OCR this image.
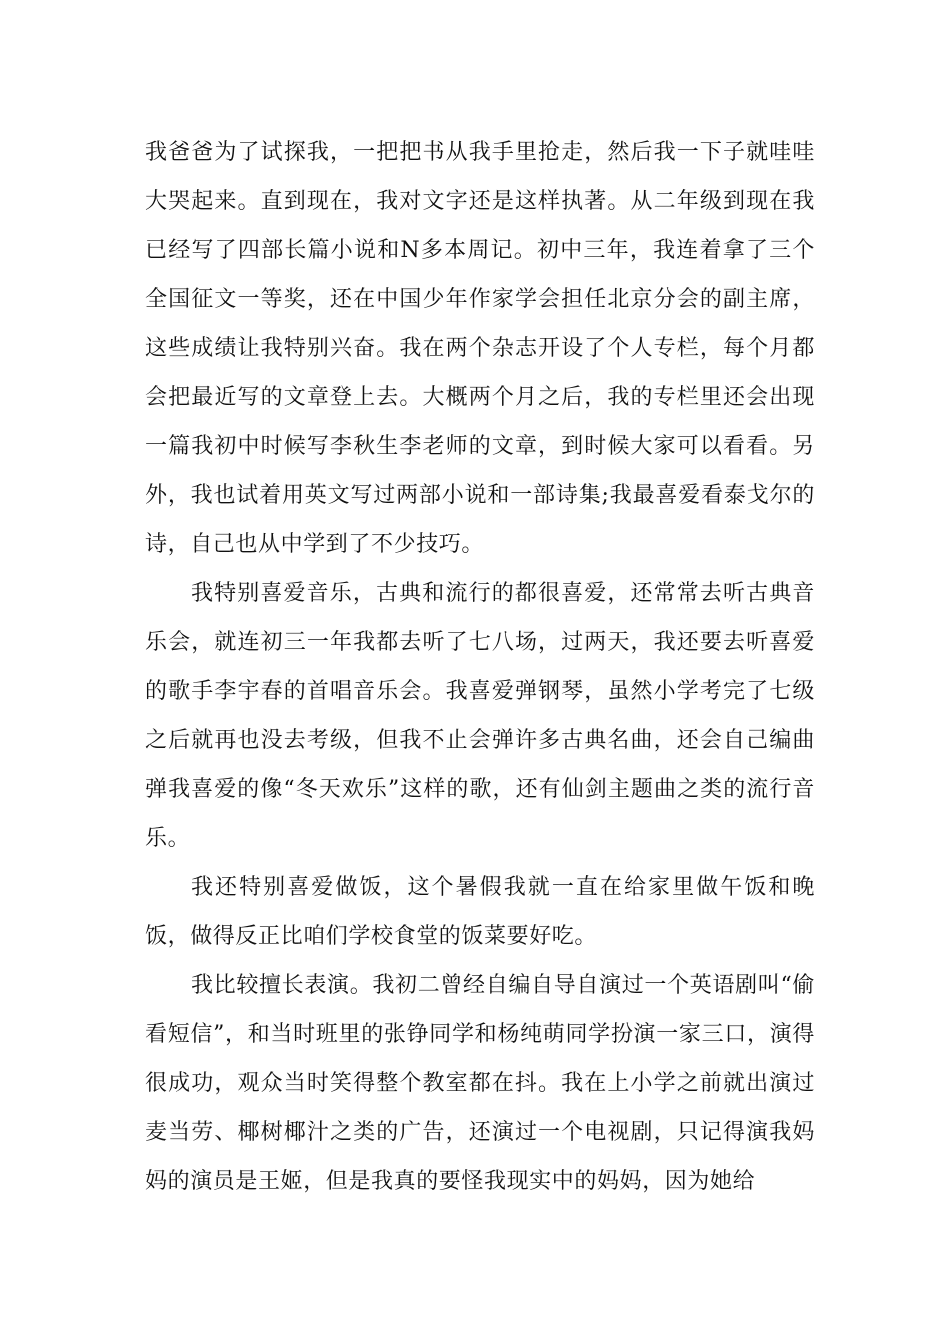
我爸爸为了试探我，一把把书从我手里抢走，然后我一下子就哇哇大哭起来。直到现在，我对文字还是这样执著。从二年级到现在我已经写了四部长篇小说和N多本周记。初中三年，我连着拿了三个全国征文一等奖，还在中国少年作家学会担任北京分会的副主席，这些成绩让我特别兴奋。我在两个杂志开设了个人专栏，每个月都会把最近写的文章登上去。大概两个月之后，我的专栏里还会出现一篇我初中时候写李秋生李老师的文章，到时候大家可以看看。另外，我也试着用英文写过两部小说和一部诗集;我最喜爱看泰戈尔的诗，自己也从中学到了不少技巧。

我特别喜爱音乐，古典和流行的都很喜爱，还常常去听古典音乐会，就连初三一年我都去听了七八场，过两天，我还要去听喜爱的歌手李宇春的首唱音乐会。我喜爱弹钢琴，虽然小学考完了七级之后就再也没去考级，但我不止会弹许多古典名曲，还会自己编曲弹我喜爱的像“冬天欢乐”这样的歌，还有仙剑主题曲之类的流行音乐。

我还特别喜爱做饭，这个暑假我就一直在给家里做午饭和晚饭，做得反正比咱们学校食堂的饭菜要好吃。

我比较擅长表演。我初二曾经自编自导自演过一个英语剧叫“偷看短信”，和当时班里的张铮同学和杨纯萌同学扮演一家三口，演得很成功，观众当时笑得整个教室都在抖。我在上小学之前就出演过麦当劳、椰树椰汁之类的广告，还演过一个电视剧，只记得演我妈妈的演员是王姬，但是我真的要怪我现实中的妈妈，因为她给
